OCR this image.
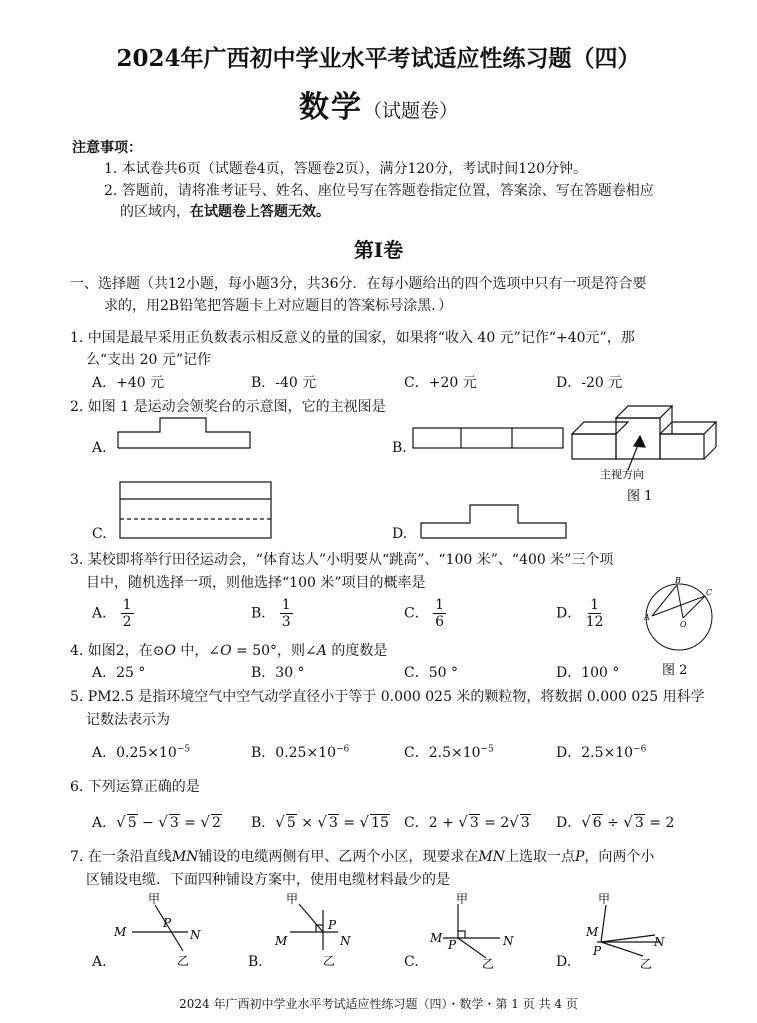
2024年广西初中学业水平考试适应性练习题（四）
数学（试题卷）
注意事项：
1. 本试卷共6页（试题卷4页，答题卷2页），满分120分，考试时间120分钟。
2. 答题前，请将准考证号、姓名、座位号写在答题卷指定位置，答案涂、写在答题卷相应
的区域内，在试题卷上答题无效。
第Ⅰ卷
一、选择题（共12小题，每小题3分，共36分．在每小题给出的四个选项中只有一项是符合要
求的，用2B铅笔把答题卡上对应题目的答案标号涂黑．）
1. 中国是最早采用正负数表示相反意义的量的国家，如果将“收入 40 元”记作“+40元”，那
么“支出 20 元”记作
A．+40 元	B．-40 元	C．+20 元	D．-20 元
2. 如图 1 是运动会领奖台的示意图，它的主视图是
A.	B.
C.	D.
主视方向
图 1
B
C
A
O
图 2
甲
M	N
P
乙
甲
M	N
P
乙
甲
M	N
P
乙
甲
M
N
P
乙
3. 某校即将举行田径运动会，“体育达人”小明要从“跳高”、“100 米”、“400 米”三个项
目中，随机选择一项，则他选择“100 米”项目的概率是
A． $\frac{1}{2}$	B． $\frac{1}{3}$	C． $\frac{1}{6}$	D． $\frac{1}{12}$
4. 如图2，在⊙O 中，∠O = 50°，则∠A 的度数是
A．25 °	B．30 °	C．50 °	D．100 °
5. PM2.5 是指环境空气中空气动学直径小于等于 0.000 025 米的颗粒物，将数据 0.000 025 用科学
记数法表示为
A．$0.25\times 10^{-5}$	B．$0.25\times 10^{-6}$	C．$2.5\times 10^{-5}$	D．$2.5\times 10^{-6}$
6. 下列运算正确的是
A．√ 5 − √ 3 = √ 2 B．√ 5 × √ 3 = √ 15 C．2 + √ 3 = 2√ 3 D．√ 6 ÷ √ 3 = 2
7. 在一条沿直线MN铺设的电缆两侧有甲、乙两个小区，现要求在MN上选取一点P，向两个小
区铺设电缆．下面四种铺设方案中，使用电缆材料最少的是
A.	B.	C.	D.
2024 年广西初中学业水平考试适应性练习题（四）・数学・第 1 页 共 4 页
